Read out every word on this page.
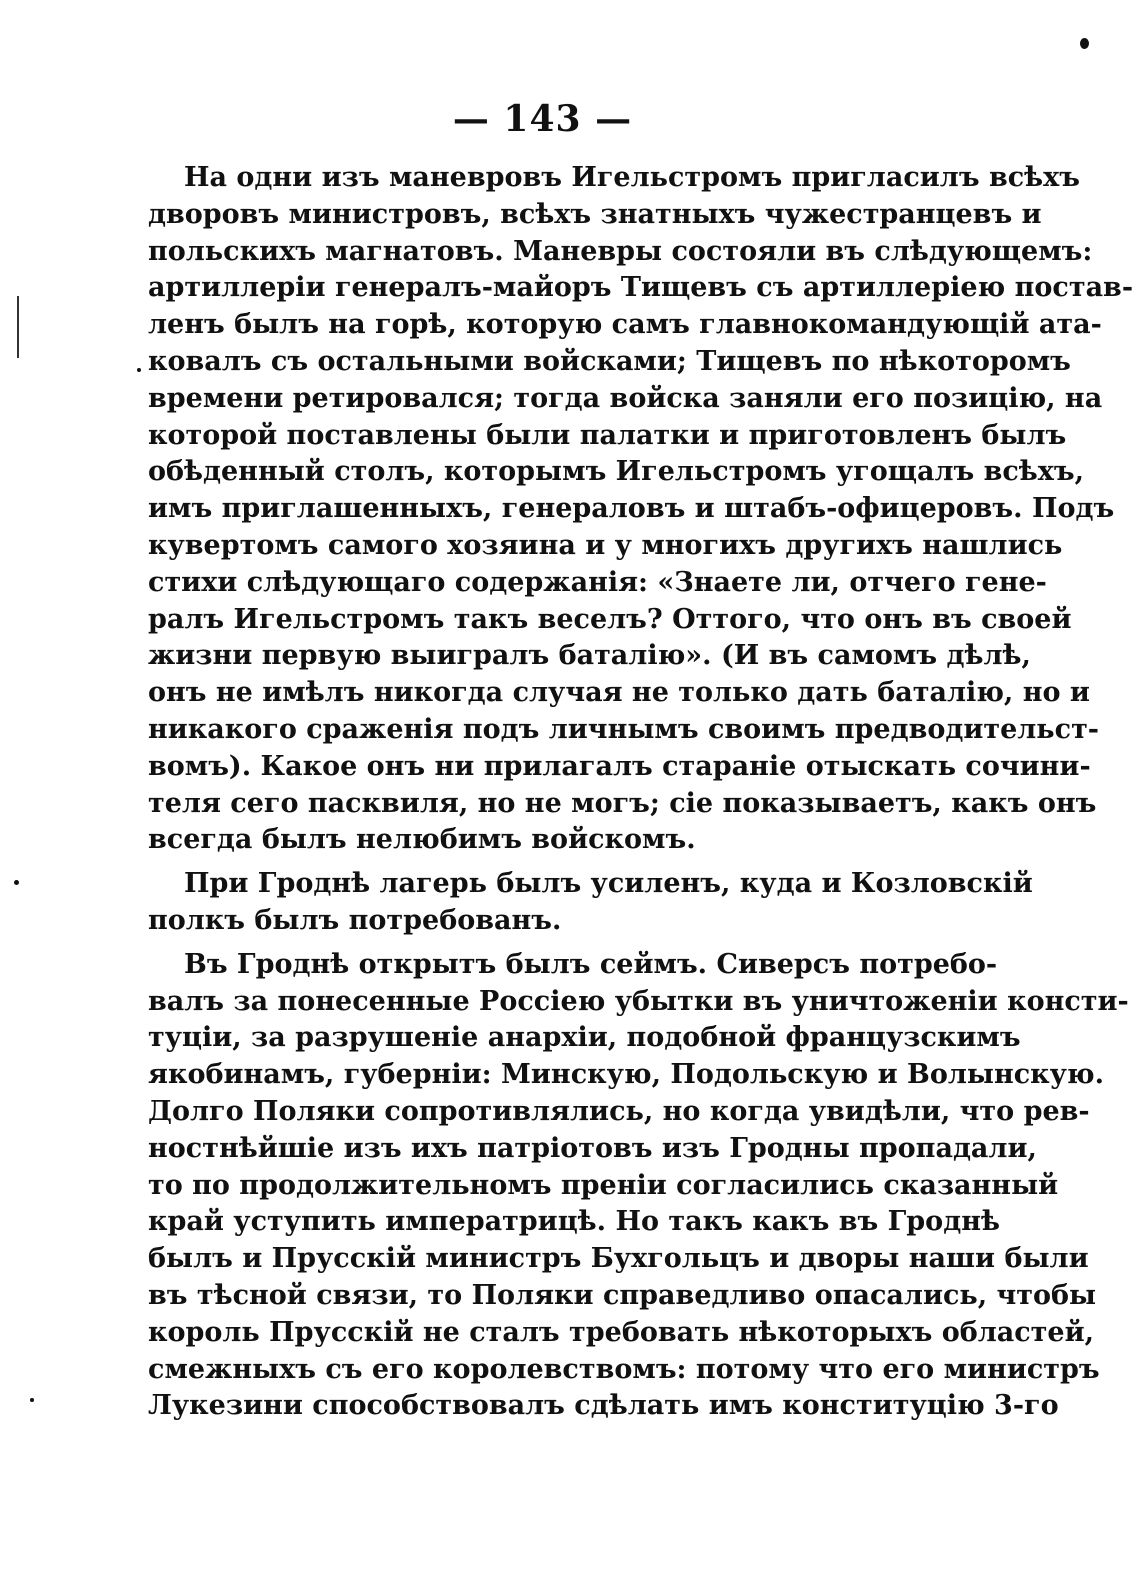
— 143 —
На одни изъ маневровъ Игельстромъ пригласилъ всѣхъ
дворовъ министровъ, всѣхъ знатныхъ чужестранцевъ и
польскихъ магнатовъ. Маневры состояли въ слѣдующемъ:
артиллеріи генералъ-майоръ Тищевъ съ артиллеріею постав-
ленъ былъ на горѣ, которую самъ главнокомандующій ата-
ковалъ съ остальными войсками; Тищевъ по нѣкоторомъ
времени ретировался; тогда войска заняли его позицію, на
которой поставлены были палатки и приготовленъ былъ
обѣденный столъ, которымъ Игельстромъ угощалъ всѣхъ,
имъ приглашенныхъ, генераловъ и штабъ-офицеровъ. Подъ
кувертомъ самого хозяина и у многихъ другихъ нашлись
стихи слѣдующаго содержанія: «Знаете ли, отчего гене-
ралъ Игельстромъ такъ веселъ? Оттого, что онъ въ своей
жизни первую выигралъ баталію». (И въ самомъ дѣлѣ,
онъ не имѣлъ никогда случая не только дать баталію, но и
никакого сраженія подъ личнымъ своимъ предводительст-
вомъ). Какое онъ ни прилагалъ стараніе отыскать сочини-
теля сего пасквиля, но не могъ; сіе показываетъ, какъ онъ
всегда былъ нелюбимъ войскомъ.
При Гроднѣ лагерь былъ усиленъ, куда и Козловскій
полкъ былъ потребованъ.
Въ Гроднѣ открытъ былъ сеймъ. Сиверсъ потребо-
валъ за понесенные Россіею убытки въ уничтоженіи консти-
туціи, за разрушеніе анархіи, подобной французскимъ
якобинамъ, губерніи: Минскую, Подольскую и Волынскую.
Долго Поляки сопротивлялись, но когда увидѣли, что рев-
ностнѣйшіе изъ ихъ патріотовъ изъ Гродны пропадали,
то по продолжительномъ преніи согласились сказанный
край уступить императрицѣ. Но такъ какъ въ Гроднѣ
былъ и Прусскій министръ Бухгольцъ и дворы наши были
въ тѣсной связи, то Поляки справедливо опасались, чтобы
король Прусскій не сталъ требовать нѣкоторыхъ областей,
смежныхъ съ его королевствомъ: потому что его министръ
Лукезини способствовалъ сдѣлать имъ конституцію 3-го
